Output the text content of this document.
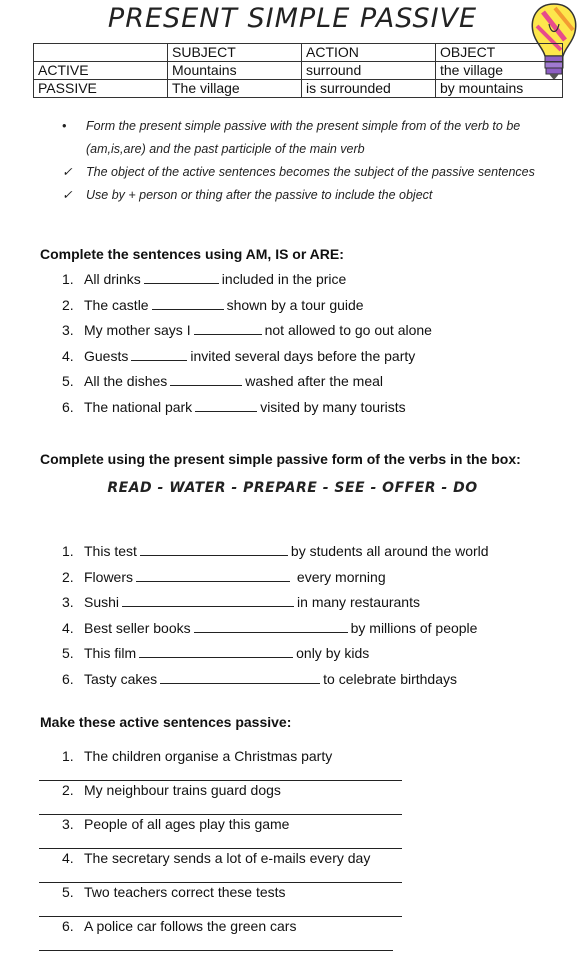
PRESENT SIMPLE PASSIVE
	SUBJECT	ACTION	OBJECT
ACTIVE	Mountains	surround	the village
PASSIVE	The village	is surrounded	by mountains
• Form the present simple passive with the present simple from of the verb to be (am,is,are) and the past participle of the main verb
✓ The object of the active sentences becomes the subject of the passive sentences
✓ Use by + person or thing after the passive to include the object
Complete the sentences using AM, IS or ARE:
1. All drinks	included in the price
2. The castle	shown by a tour guide
3. My mother says I	not allowed to go out alone
4. Guests	invited several days before the party
5. All the dishes	washed after the meal
6. The national park	visited by many tourists
Complete using the present simple passive form of the verbs in the box:
READ - WATER - PREPARE - SEE - OFFER - DO
1. This test	by students all around the world
2. Flowers	every morning
3. Sushi	in many restaurants
4. Best seller books	by millions of people
5. This film	only by kids
6. Tasty cakes	to celebrate birthdays
Make these active sentences passive:
1. The children organise a Christmas party
2. My neighbour trains guard dogs
3. People of all ages play this game
4. The secretary sends a lot of e-mails every day
5. Two teachers correct these tests
6. A police car follows the green cars
